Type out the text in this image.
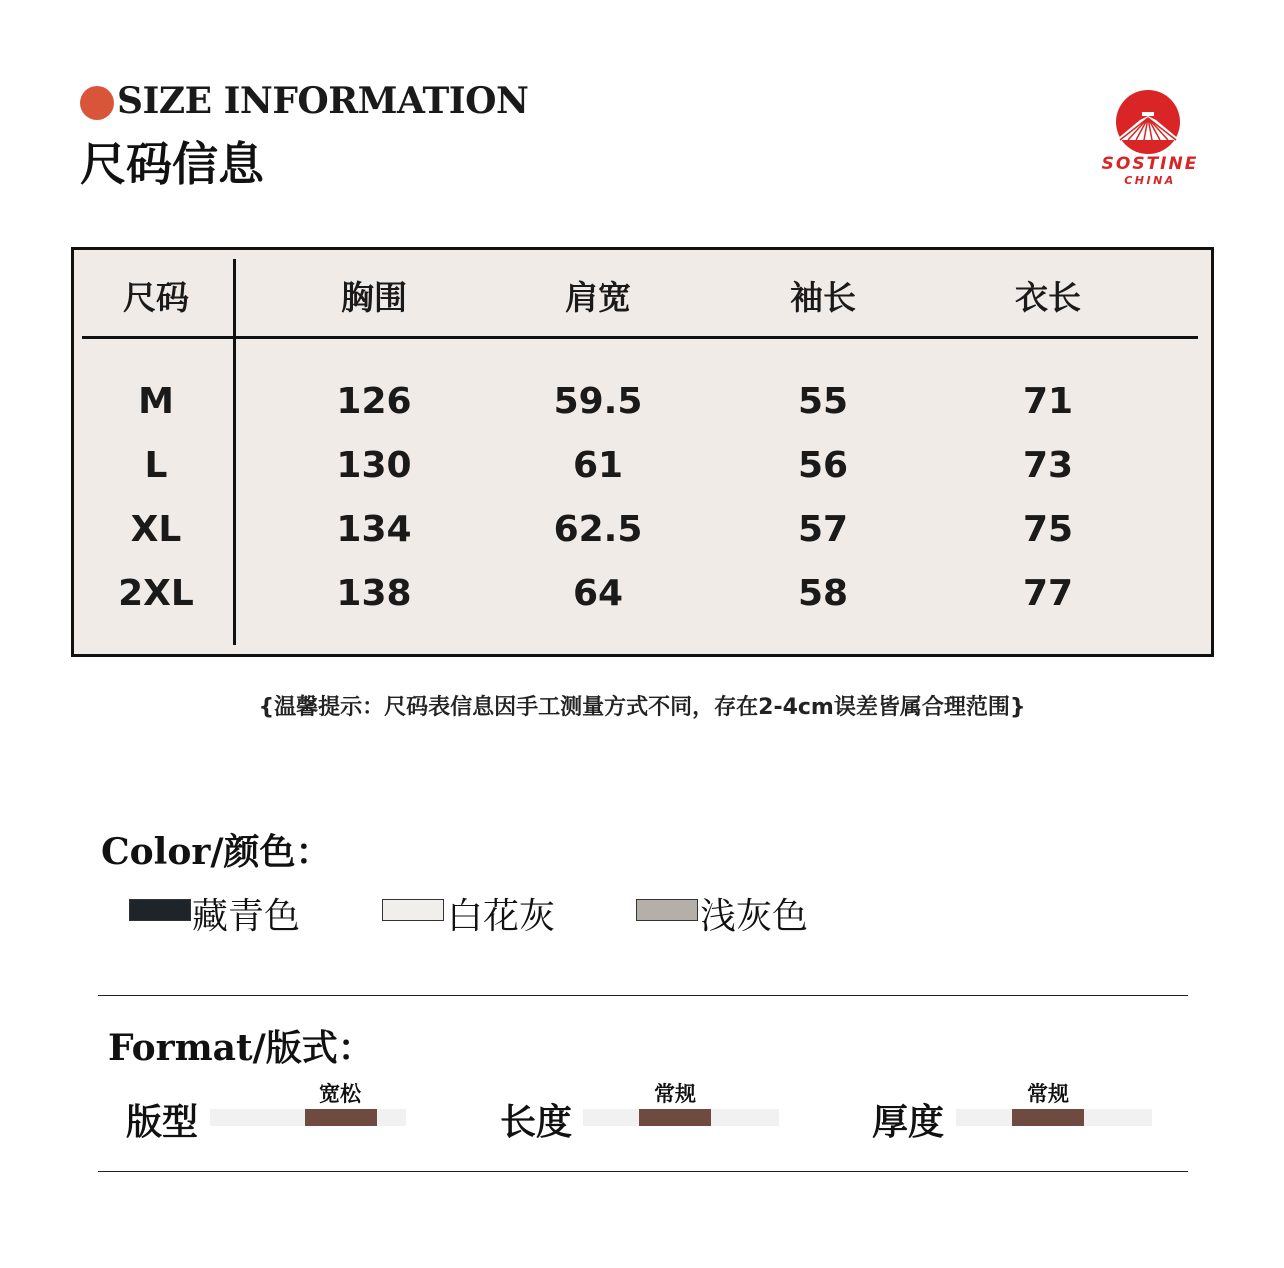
SIZE INFORMATION
尺码信息	SOSTINE
CHINA
尺码	胸围	肩宽	袖长	衣长
M	126	59.5	55	71
L	130	61	56	73
XL	134	62.5	57	75
2XL	138	64	58	77
{温馨提示：尺码表信息因手工测量方式不同，存在2-4cm误差皆属合理范围}
Color/颜色：
藏青色	白花灰	浅灰色
Format/版式：
版型
宽松
长度
常规
厚度
常规
